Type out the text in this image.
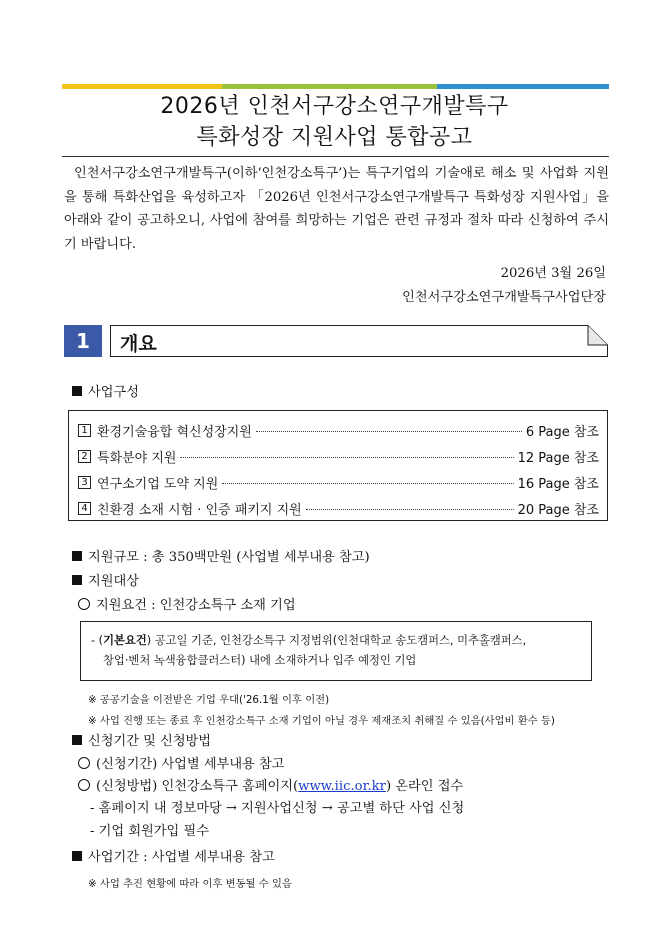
2026년 인천서구강소연구개발특구
특화성장 지원사업 통합공고

인천서구강소연구개발특구(이하‘인천강소특구’)는 특구기업의 기술애로 해소 및 사업화 지원을 통해 특화산업을 육성하고자 「2026년 인천서구강소연구개발특구 특화성장 지원사업」을 아래와 같이 공고하오니, 사업에 참여를 희망하는 기업은 관련 규정과 절차 따라 신청하여 주시기 바랍니다.

2026년 3월 26일
인천서구강소연구개발특구사업단장
1	개요
사업구성
1 환경기술융합 혁신성장지원	6 Page 참조
2 특화분야 지원	12 Page 참조
3 연구소기업 도약 지원	16 Page 참조
4 친환경 소재 시험 · 인증 패키지 지원	20 Page 참조
지원규모 : 총 350백만원 (사업별 세부내용 참고)
지원대상
지원요건 : 인천강소특구 소재 기업
- (기본요건) 공고일 기준, 인천강소특구 지정범위(인천대학교 송도캠퍼스, 미추홀캠퍼스,
창업·벤처 녹색융합클러스터) 내에 소재하거나 입주 예정인 기업
※ 공공기술을 이전받은 기업 우대('26.1월 이후 이전)
※ 사업 진행 또는 종료 후 인천강소특구 소재 기업이 아닐 경우 제재조치 취해질 수 있음(사업비 환수 등)
신청기간 및 신청방법
(신청기간) 사업별 세부내용 참고
(신청방법) 인천강소특구 홈페이지(www.iic.or.kr) 온라인 접수
- 홈페이지 내 정보마당 → 지원사업신청 → 공고별 하단 사업 신청
- 기업 회원가입 필수
사업기간 : 사업별 세부내용 참고
※ 사업 추진 현황에 따라 이후 변동될 수 있음
